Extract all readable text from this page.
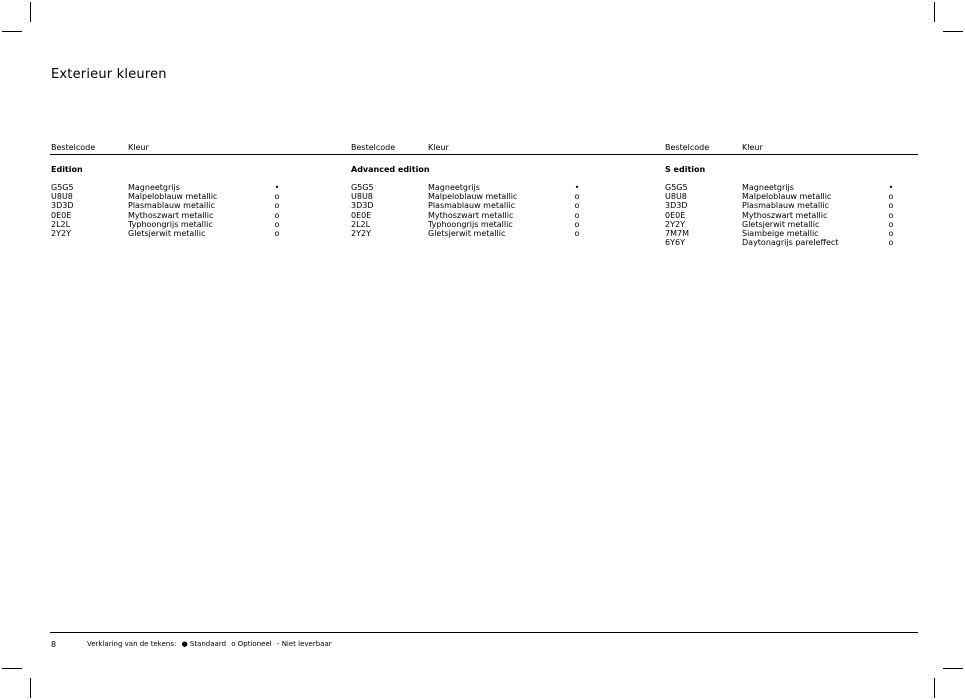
Exterieur kleuren
Bestelcode	Kleur	Bestelcode	Kleur	Bestelcode	Kleur
Edition	Advanced edition	S edition
G5G5	Magneetgrijs	•
U8U8	Malpeloblauw metallic	o
3D3D	Plasmablauw metallic	o
0E0E	Mythoszwart metallic	o
2L2L	Typhoongrijs metallic	o
2Y2Y	Gletsjerwit metallic	o
G5G5	Magneetgrijs	•
U8U8	Malpeloblauw metallic	o
3D3D	Plasmablauw metallic	o
0E0E	Mythoszwart metallic	o
2L2L	Typhoongrijs metallic	o
2Y2Y	Gletsjerwit metallic	o
G5G5	Magneetgrijs	•
U8U8	Malpeloblauw metallic	o
3D3D	Plasmablauw metallic	o
0E0E	Mythoszwart metallic	o
2Y2Y	Gletsjerwit metallic	o
7M7M	Siambeige metallic	o
6Y6Y	Daytonagrijs pareleffect	o
8	Verklaring van de tekens: ● Standaard o Optioneel - Niet leverbaar
